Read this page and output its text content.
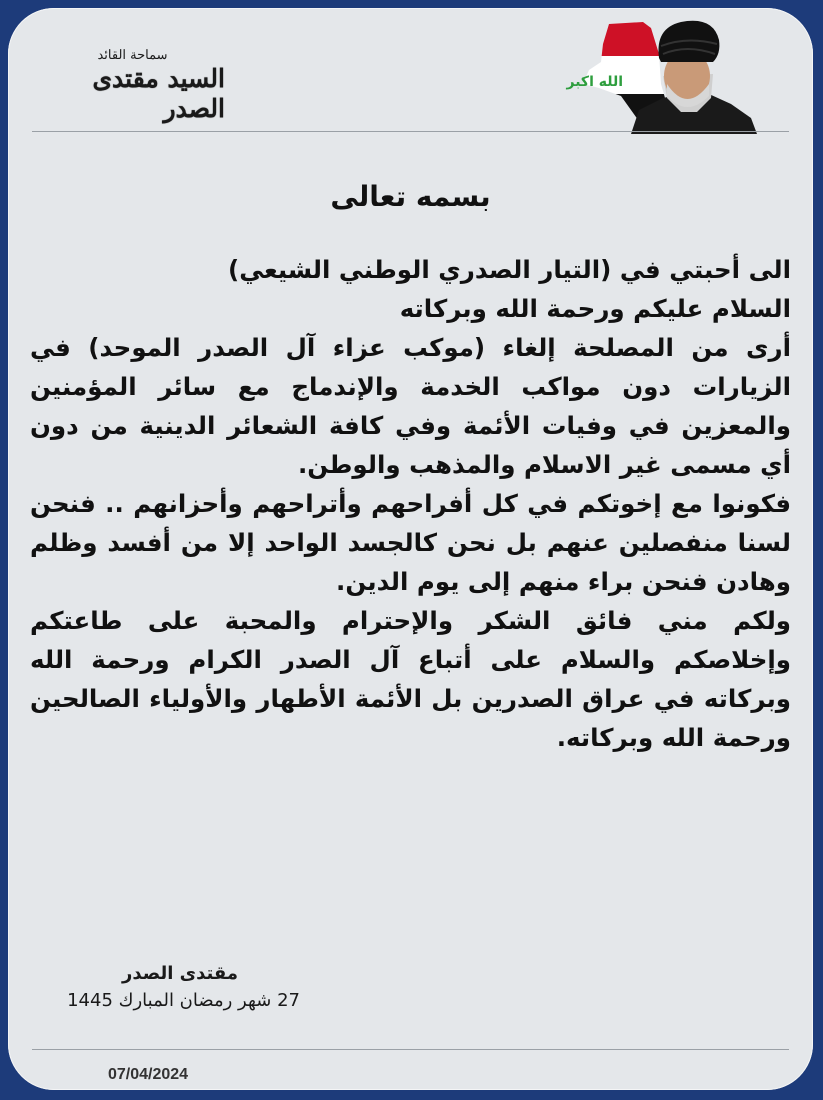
سماحة القائد
السيد مقتدى الصدر
الله اكبر
بسمه تعالى

الى أحبتي في (التيار الصدري الوطني الشيعي)

السلام عليكم ورحمة الله وبركاته

أرى من المصلحة إلغاء (موكب عزاء آل الصدر الموحد) في الزيارات دون مواكب الخدمة والإندماج مع سائر المؤمنين والمعزين في وفيات الأئمة وفي كافة الشعائر الدينية من دون أي مسمى غير الاسلام والمذهب والوطن.

فكونوا مع إخوتكم في كل أفراحهم وأتراحهم وأحزانهم .. فنحن لسنا منفصلين عنهم بل نحن كالجسد الواحد إلا من أفسد وظلم وهادن فنحن براء منهم إلى يوم الدين.

ولكم مني فائق الشكر والإحترام والمحبة على طاعتكم وإخلاصكم والسلام على أتباع آل الصدر الكرام ورحمة الله وبركاته في عراق الصدرين بل الأئمة الأطهار والأولياء الصالحين ورحمة الله وبركاته.

مقتدى الصدر
27 شهر رمضان المبارك 1445
07/04/2024
